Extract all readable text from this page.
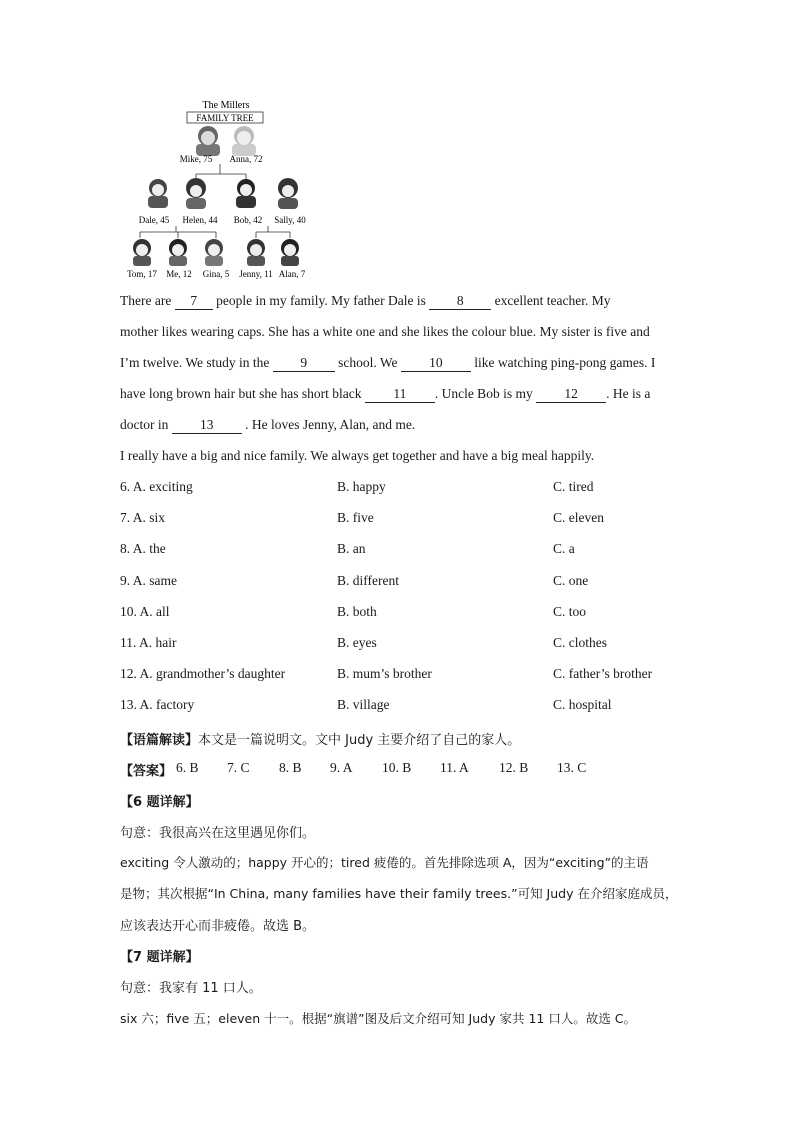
The Millers
FAMILY TREE
Mike, 75 Anna, 72
Dale, 45 Helen, 44 Bob, 42 Sally, 40
Tom, 17 Me, 12 Gina, 5 Jenny, 11 Alan, 7
There are 7 people in my family. My father Dale is 8 excellent teacher. My
mother likes wearing caps. She has a white one and she likes the colour blue. My sister is five and
I’m twelve. We study in the 9 school. We 10 like watching ping-pong games. I
have long brown hair but she has short black 11 . Uncle Bob is my 12 . He is a
doctor in 13 . He loves Jenny, Alan, and me.
I really have a big and nice family. We always get together and have a big meal happily.
6. A. exciting	B. happy	C. tired
7. A. six	B. five	C. eleven
8. A. the	B. an	C. a
9. A. same	B. different	C. one
10. A. all	B. both	C. too
11. A. hair	B. eyes	C. clothes
12. A. grandmother’s daughter	B. mum’s brother	C. father’s brother
13. A. factory	B. village	C. hospital
【语篇解读】本文是一篇说明文。文中 Judy 主要介绍了自己的家人。
【答案】 6. B 7. C 8. B 9. A 10. B 11. A 12. B 13. C
【6 题详解】
句意：我很高兴在这里遇见你们。
exciting 令人激动的；happy 开心的；tired 疲倦的。首先排除选项 A，因为“exciting”的主语
是物；其次根据“In China, many families have their family trees.”可知 Judy 在介绍家庭成员，
应该表达开心而非疲倦。故选 B。
【7 题详解】
句意：我家有 11 口人。
six 六；five 五；eleven 十一。根据“旗谱”图及后文介绍可知 Judy 家共 11 口人。故选 C。
